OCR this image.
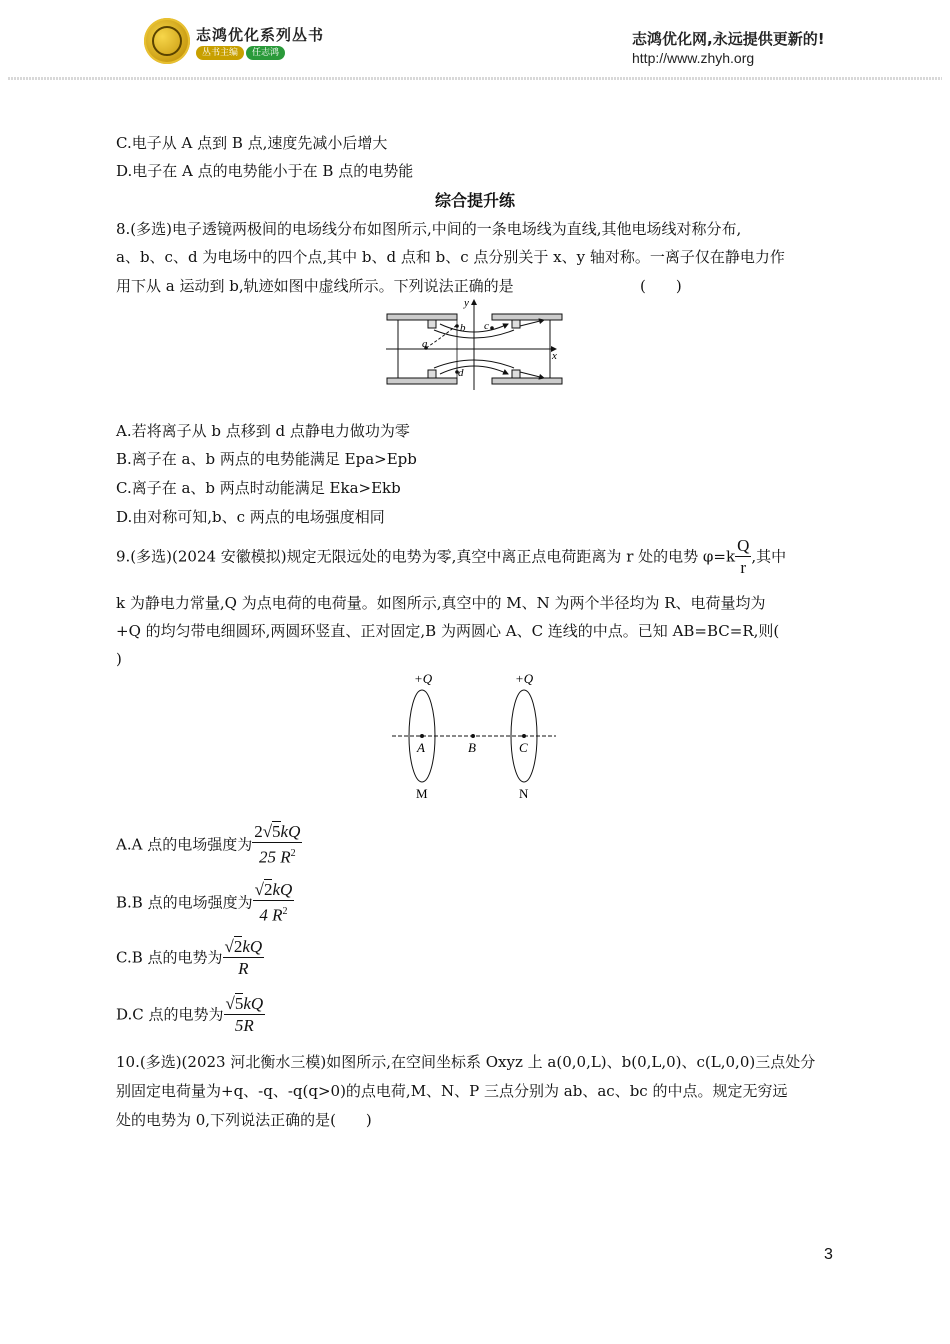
志鸿优化系列丛书
丛书主编 任志鸿
志鸿优化网,永远提供更新的!
http://www.zhyh.org
C.电子从 A 点到 B 点,速度先减小后增大
D.电子在 A 点的电势能小于在 B 点的电势能
综合提升练
8.(多选)电子透镜两极间的电场线分布如图所示,中间的一条电场线为直线,其他电场线对称分布,
a、b、c、d 为电场中的四个点,其中 b、d 点和 b、c 点分别关于 x、y 轴对称。一离子仅在静电力作
用下从 a 运动到 b,轨迹如图中虚线所示。下列说法正确的是	(　　)
a
b c
d
y
x
A.若将离子从 b 点移到 d 点静电力做功为零
B.离子在 a、b 两点的电势能满足 Epa>Epb
C.离子在 a、b 两点时动能满足 Eka>Ekb
D.由对称可知,b、c 两点的电场强度相同
9.(多选)(2024 安徽模拟)规定无限远处的电势为零,真空中离正点电荷距离为 r 处的电势 $\varphi=k \frac{Q}{r}$ ,其中
k 为静电力常量,Q 为点电荷的电荷量。如图所示,真空中的 M、N 为两个半径均为 R、电荷量均为
+Q 的均匀带电细圆环,两圆环竖直、正对固定,B 为两圆心 A、C 连线的中点。已知 AB=BC=R,则(
)
+Q	+Q
A	B	C
M	N
A.A 点的电场强度为 $\frac{2√5kQ}{25 R^2}$
B.B 点的电场强度为 $\frac{√2kQ}{4 R^2}$
C.B 点的电势为 $\frac{√2kQ}{R}$
D.C 点的电势为 $\frac{√5kQ}{5R}$
10.(多选)(2023 河北衡水三模)如图所示,在空间坐标系 Oxyz 上 a(0,0,L)、b(0,L,0)、c(L,0,0)三点处分
别固定电荷量为+q、-q、-q(q>0)的点电荷,M、N、P 三点分别为 ab、ac、bc 的中点。规定无穷远
处的电势为 0,下列说法正确的是(　　)
3
